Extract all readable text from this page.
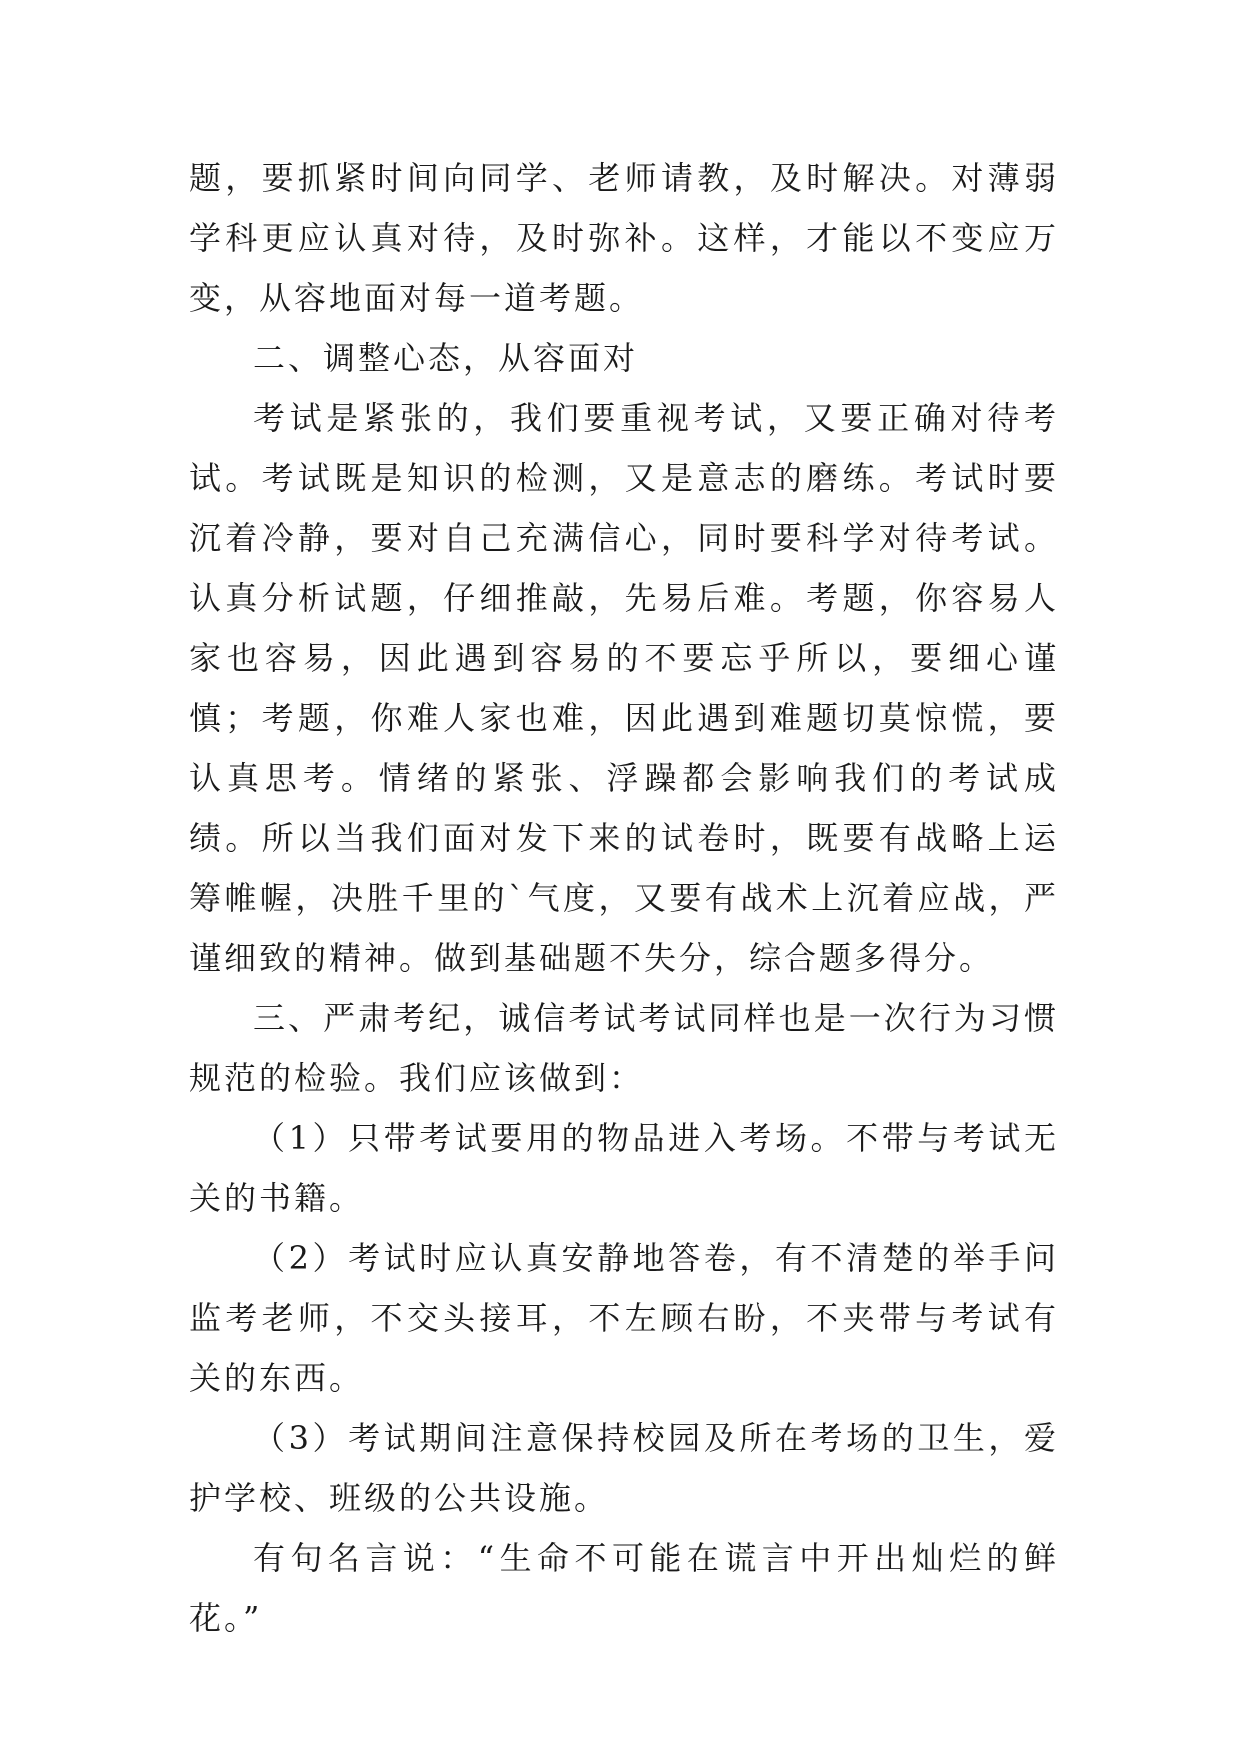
题，要抓紧时间向同学、老师请教，及时解决。对薄弱学科更应认真对待，及时弥补。这样，才能以不变应万变，从容地面对每一道考题。

二、调整心态，从容面对

考试是紧张的，我们要重视考试，又要正确对待考试。考试既是知识的检测，又是意志的磨练。考试时要沉着冷静，要对自己充满信心，同时要科学对待考试。认真分析试题，仔细推敲，先易后难。考题，你容易人家也容易，因此遇到容易的不要忘乎所以，要细心谨慎；考题，你难人家也难，因此遇到难题切莫惊慌，要认真思考。情绪的紧张、浮躁都会影响我们的考试成绩。所以当我们面对发下来的试卷时，既要有战略上运筹帷幄，决胜千里的`气度，又要有战术上沉着应战，严谨细致的精神。做到基础题不失分，综合题多得分。

三、严肃考纪，诚信考试考试同样也是一次行为习惯规范的检验。我们应该做到：

（1）只带考试要用的物品进入考场。不带与考试无关的书籍。

（2）考试时应认真安静地答卷，有不清楚的举手问监考老师，不交头接耳，不左顾右盼，不夹带与考试有关的东西。

（3）考试期间注意保持校园及所在考场的卫生，爱护学校、班级的公共设施。

有句名言说：“生命不可能在谎言中开出灿烂的鲜花。”
